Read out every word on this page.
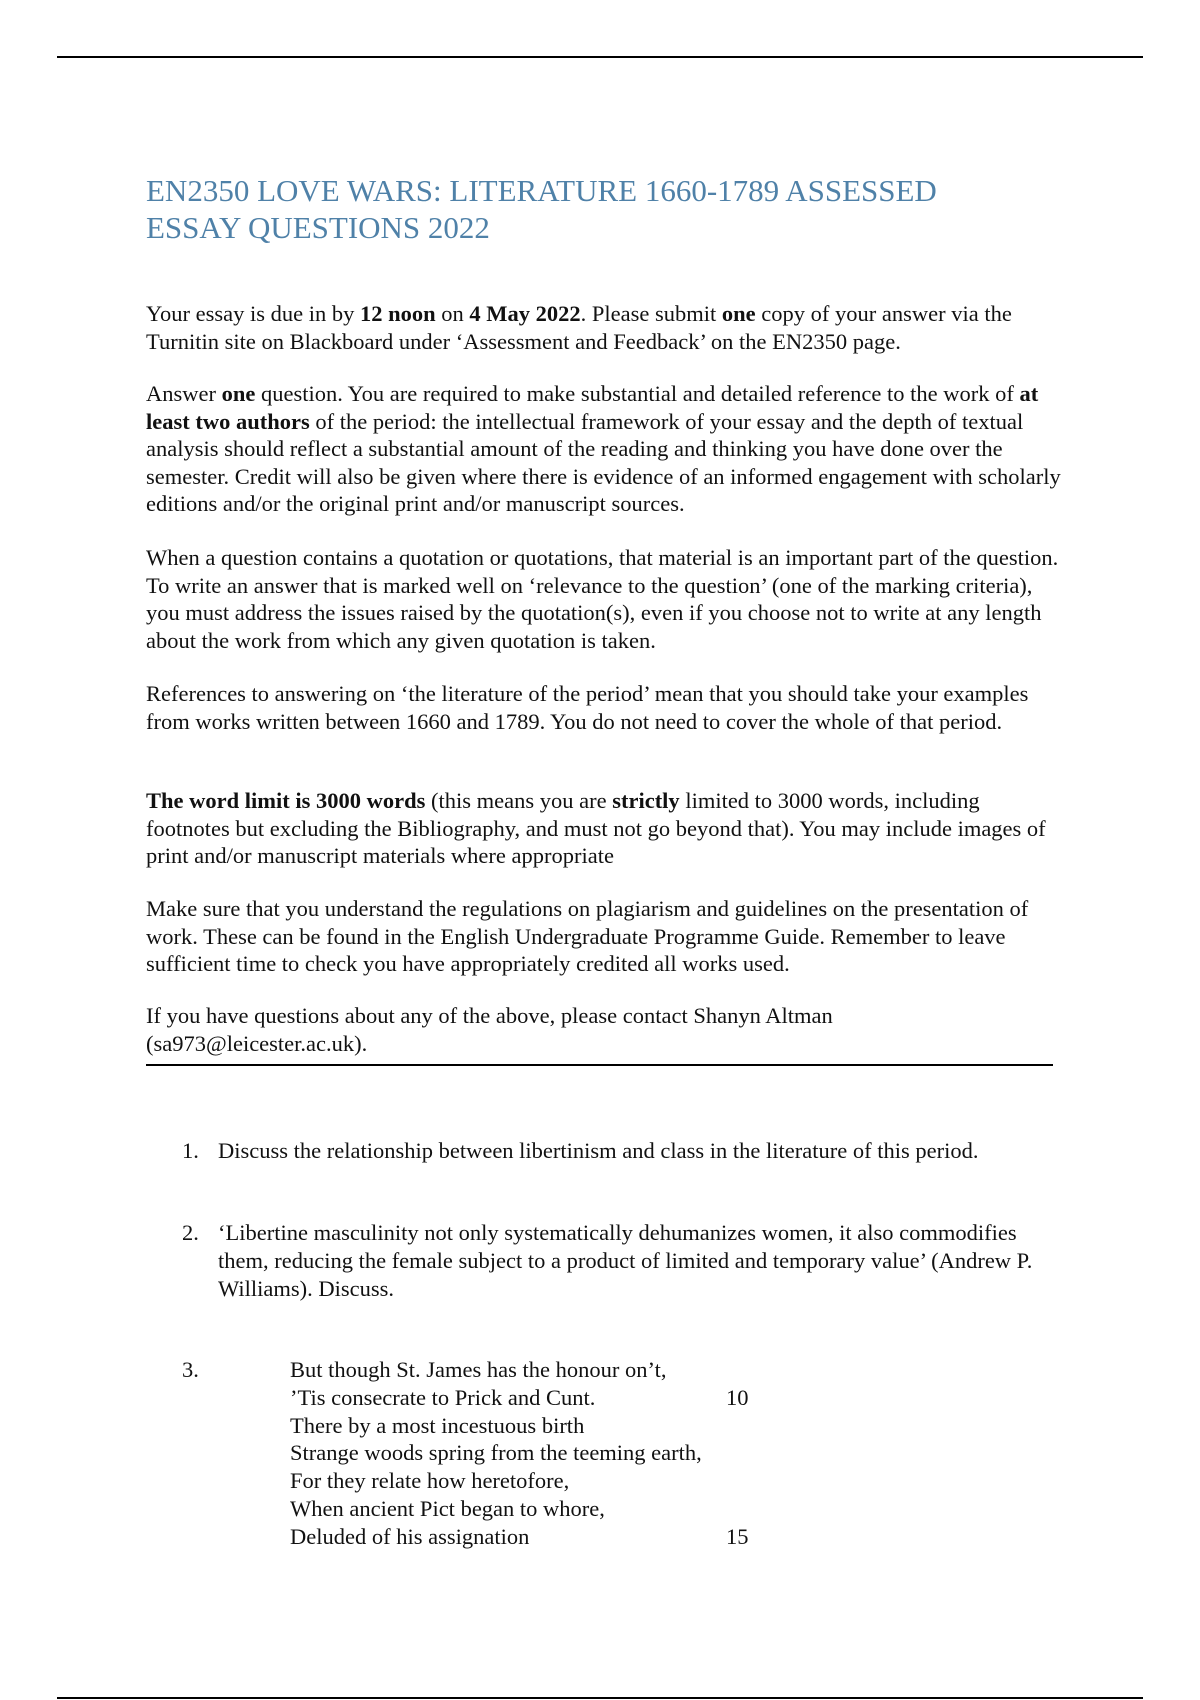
EN2350 LOVE WARS: LITERATURE 1660-1789 ASSESSED
ESSAY QUESTIONS 2022

Your essay is due in by 12 noon on 4 May 2022. Please submit one copy of your answer via the Turnitin site on Blackboard under ‘Assessment and Feedback’ on the EN2350 page.

Answer one question. You are required to make substantial and detailed reference to the work of at least two authors of the period: the intellectual framework of your essay and the depth of textual analysis should reflect a substantial amount of the reading and thinking you have done over the semester. Credit will also be given where there is evidence of an informed engagement with scholarly editions and/or the original print and/or manuscript sources.

When a question contains a quotation or quotations, that material is an important part of the question. To write an answer that is marked well on ‘relevance to the question’ (one of the marking criteria), you must address the issues raised by the quotation(s), even if you choose not to write at any length about the work from which any given quotation is taken.

References to answering on ‘the literature of the period’ mean that you should take your examples from works written between 1660 and 1789. You do not need to cover the whole of that period.

The word limit is 3000 words (this means you are strictly limited to 3000 words, including footnotes but excluding the Bibliography, and must not go beyond that). You may include images of print and/or manuscript materials where appropriate

Make sure that you understand the regulations on plagiarism and guidelines on the presentation of work. These can be found in the English Undergraduate Programme Guide. Remember to leave sufficient time to check you have appropriately credited all works used.

If you have questions about any of the above, please contact Shanyn Altman (sa973@leicester.ac.uk).

1. Discuss the relationship between libertinism and class in the literature of this period.
2. ‘Libertine masculinity not only systematically dehumanizes women, it also commodifies them, reducing the female subject to a product of limited and temporary value’ (Andrew P. Williams). Discuss.
3.	But though St. James has the honour on’t,
’Tis consecrate to Prick and Cunt.	10
There by a most incestuous birth
Strange woods spring from the teeming earth,
For they relate how heretofore,
When ancient Pict began to whore,
Deluded of his assignation	15
